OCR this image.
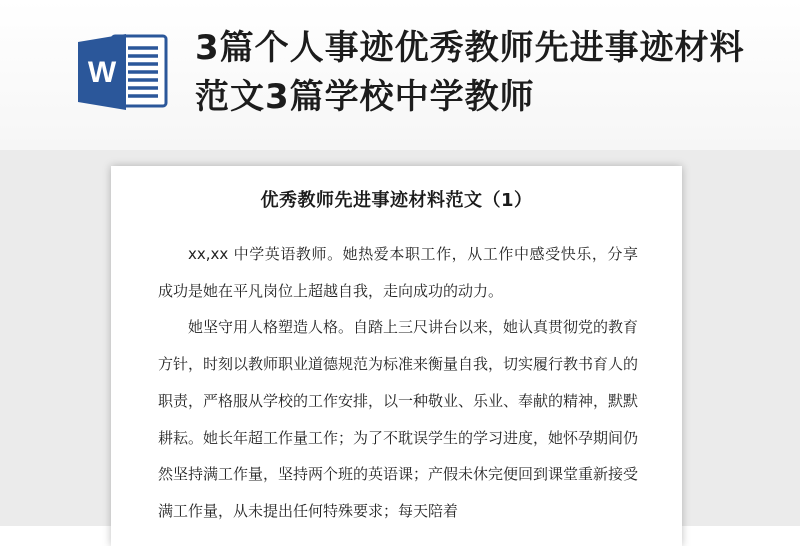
W
3篇个人事迹优秀教师先进事迹材料范文3篇学校中学教师
优秀教师先进事迹材料范文（1）

xx,xx 中学英语教师。她热爱本职工作，从工作中感受快乐，分享成功是她在平凡岗位上超越自我，走向成功的动力。

她坚守用人格塑造人格。自踏上三尺讲台以来，她认真贯彻党的教育方针，时刻以教师职业道德规范为标准来衡量自我，切实履行教书育人的职责，严格服从学校的工作安排，以一种敬业、乐业、奉献的精神，默默耕耘。她长年超工作量工作；为了不耽误学生的学习进度，她怀孕期间仍然坚持满工作量，坚持两个班的英语课；产假未休完便回到课堂重新接受满工作量，从未提出任何特殊要求；每天陪着
